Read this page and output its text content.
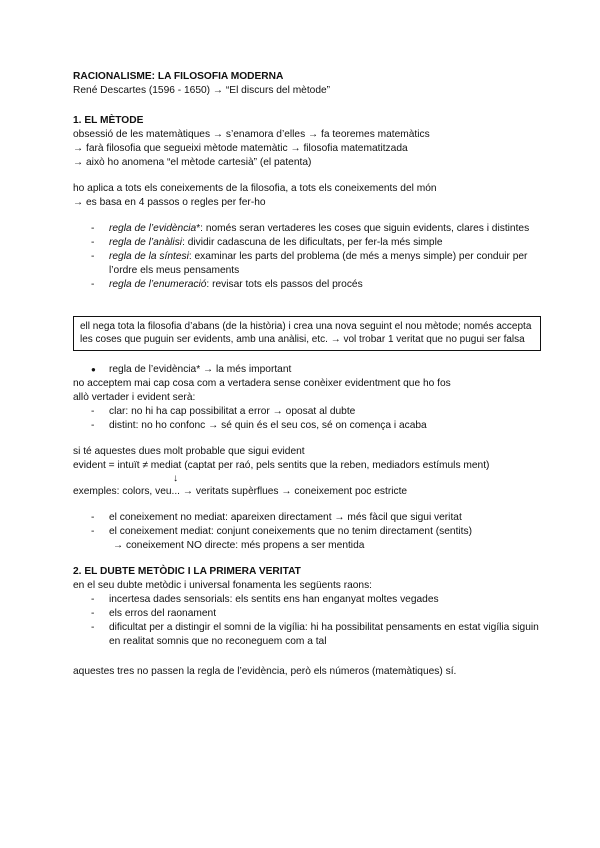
RACIONALISME: LA FILOSOFIA MODERNA
René Descartes (1596 - 1650) → “El discurs del mètode”
1. EL MÈTODE
obsessió de les matemàtiques → s’enamora d’elles → fa teoremes matemàtics
→ farà filosofia que segueixi mètode matemàtic → filosofia matematitzada
→ això ho anomena “el mètode cartesià” (el patenta)
ho aplica a tots els coneixements de la filosofia, a tots els coneixements del món
→ es basa en 4 passos o regles per fer-ho
- regla de l’evidència*: només seran vertaderes les coses que siguin evidents, clares i distintes
- regla de l’anàlisi: dividir cadascuna de les dificultats, per fer-la més simple
- regla de la síntesi: examinar les parts del problema (de més a menys simple) per conduir per l’ordre els meus pensaments
- regla de l’enumeració: revisar tots els passos del procés
ell nega tota la filosofia d’abans (de la història) i crea una nova seguint el nou mètode; només accepta les coses que puguin ser evidents, amb una anàlisi, etc. → vol trobar 1 veritat que no pugui ser falsa
● regla de l’evidència* → la més important
no acceptem mai cap cosa com a vertadera sense conèixer evidentment que ho fos
allò vertader i evident serà:
- clar: no hi ha cap possibilitat a error → oposat al dubte
- distint: no ho confonc → sé quin és el seu cos, sé on comença i acaba
si té aquestes dues molt probable que sigui evident
evident = intuït ≠ mediat (captat per raó, pels sentits que la reben, mediadors estímuls ment)
↓
exemples: colors, veu... → veritats supèrflues → coneixement poc estricte
- el coneixement no mediat: apareixen directament → més fàcil que sigui veritat
- el coneixement mediat: conjunt coneixements que no tenim directament (sentits)
→ coneixement NO directe: més propens a ser mentida
2. EL DUBTE METÒDIC I LA PRIMERA VERITAT
en el seu dubte metòdic i universal fonamenta les següents raons:
- incertesa dades sensorials: els sentits ens han enganyat moltes vegades
- els erros del raonament
- dificultat per a distingir el somni de la vigília: hi ha possibilitat pensaments en estat vigília siguin en realitat somnis que no reconeguem com a tal
aquestes tres no passen la regla de l’evidència, però els números (matemàtiques) sí.
